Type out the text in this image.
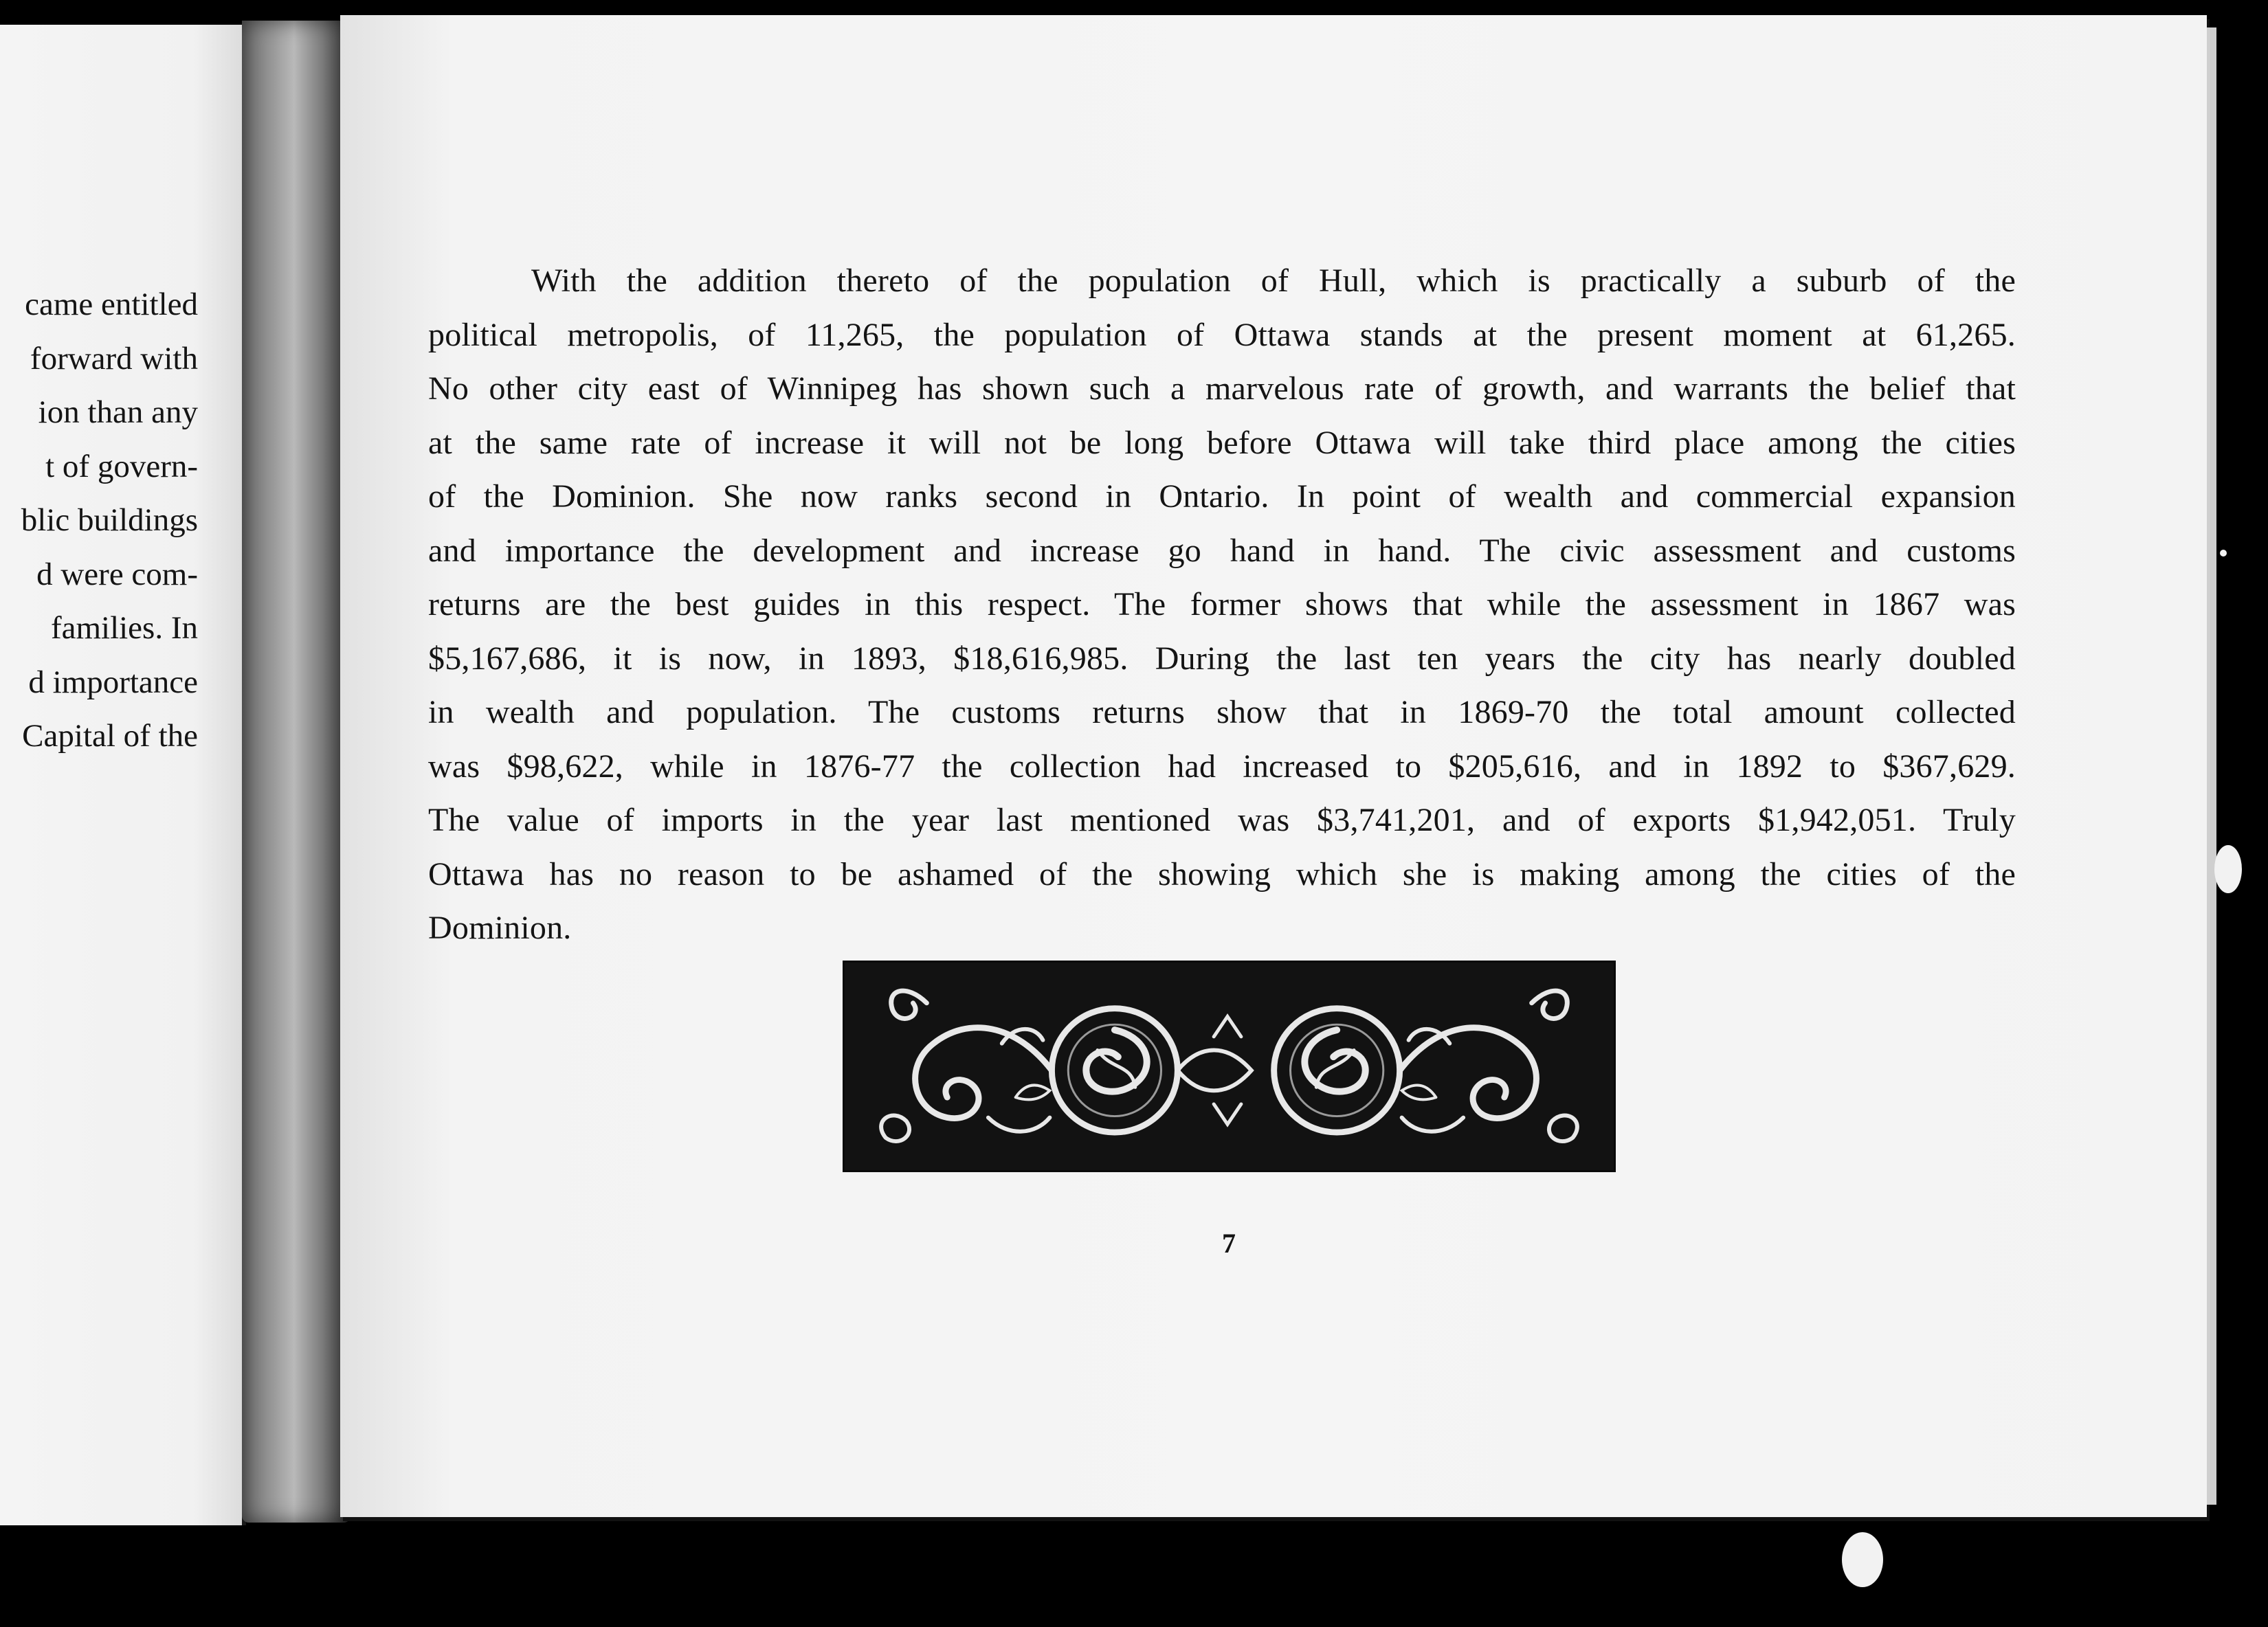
came entitled
forward with
ion than any
t of govern-
blic buildings
d were com-
families. In
d importance
Capital of the
With the addition thereto of the population of Hull, which is practically a suburb of the
political metropolis, of 11,265, the population of Ottawa stands at the present moment at 61,265.
No other city east of Winnipeg has shown such a marvelous rate of growth, and warrants the belief that
at the same rate of increase it will not be long before Ottawa will take third place among the cities
of the Dominion. She now ranks second in Ontario. In point of wealth and commercial expansion
and importance the development and increase go hand in hand. The civic assessment and customs
returns are the best guides in this respect. The former shows that while the assessment in 1867 was
$5,167,686, it is now, in 1893, $18,616,985. During the last ten years the city has nearly doubled
in wealth and population. The customs returns show that in 1869-70 the total amount collected
was $98,622, while in 1876-77 the collection had increased to $205,616, and in 1892 to $367,629.
The value of imports in the year last mentioned was $3,741,201, and of exports $1,942,051. Truly
Ottawa has no reason to be ashamed of the showing which she is making among the cities of the
Dominion.
7
